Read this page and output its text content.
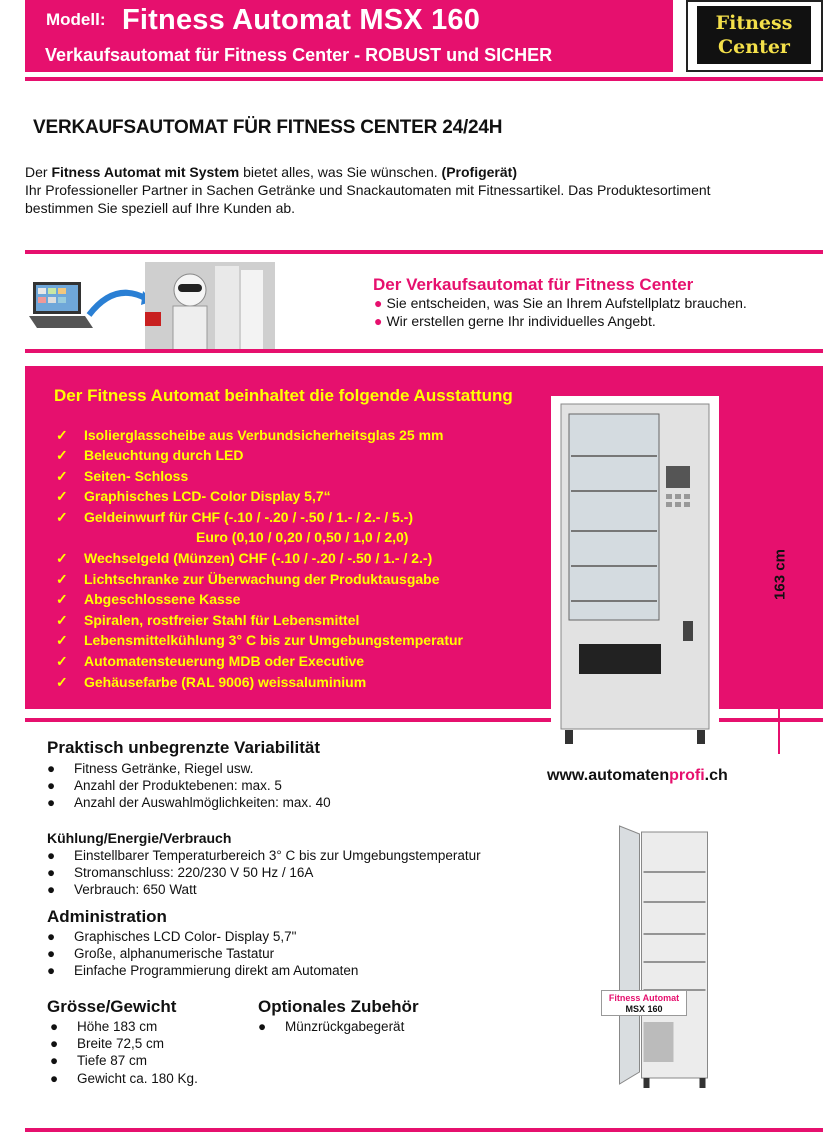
Modell: Fitness Automat MSX 160
Verkaufsautomat für Fitness Center - ROBUST und SICHER
Fitness
Center
VERKAUFSAUTOMAT FÜR FITNESS CENTER 24/24H
Der Fitness Automat mit System bietet alles, was Sie wünschen. (Profigerät)
Ihr Professioneller Partner in Sachen Getränke und Snackautomaten mit Fitnessartikel. Das Produktesortiment
bestimmen Sie speziell auf Ihre Kunden ab.
Der Verkaufsautomat für Fitness Center
● Sie entscheiden, was Sie an Ihrem Aufstellplatz brauchen.
● Wir erstellen gerne Ihr individuelles Angebt.
Der Fitness Automat beinhaltet die folgende Ausstattung
✓ Isolierglasscheibe aus Verbundsicherheitsglas 25 mm
✓ Beleuchtung durch LED
✓ Seiten- Schloss
✓ Graphisches LCD- Color Display 5,7“
✓ Geldeinwurf für CHF (-.10 / -.20 / -.50 / 1.- / 2.- / 5.-)
Euro (0,10 / 0,20 / 0,50 / 1,0 / 2,0)
✓ Wechselgeld (Münzen) CHF (-.10 / -.20 / -.50 / 1.- / 2.-)
✓ Lichtschranke zur Überwachung der Produktausgabe
✓ Abgeschlossene Kasse
✓ Spiralen, rostfreier Stahl für Lebensmittel
✓ Lebensmittelkühlung 3° C bis zur Umgebungstemperatur
✓ Automatensteuerung MDB oder Executive
✓ Gehäusefarbe (RAL 9006) weissaluminium
163 cm
www.automatenprofi.ch
Praktisch unbegrenzte Variabilität
● Fitness Getränke, Riegel usw.
● Anzahl der Produktebenen: max. 5
● Anzahl der Auswahlmöglichkeiten: max. 40
Kühlung/Energie/Verbrauch
● Einstellbarer Temperaturbereich 3° C bis zur Umgebungstemperatur
● Stromanschluss: 220/230 V 50 Hz / 16A
● Verbrauch: 650 Watt
Administration
● Graphisches LCD Color- Display 5,7"
● Große, alphanumerische Tastatur
● Einfache Programmierung direkt am Automaten
Grösse/Gewicht
● Höhe 183 cm
● Breite 72,5 cm
● Tiefe 87 cm
● Gewicht ca. 180 Kg.
Optionales Zubehör
● Münzrückgabegerät
Fitness Automat
MSX 160
